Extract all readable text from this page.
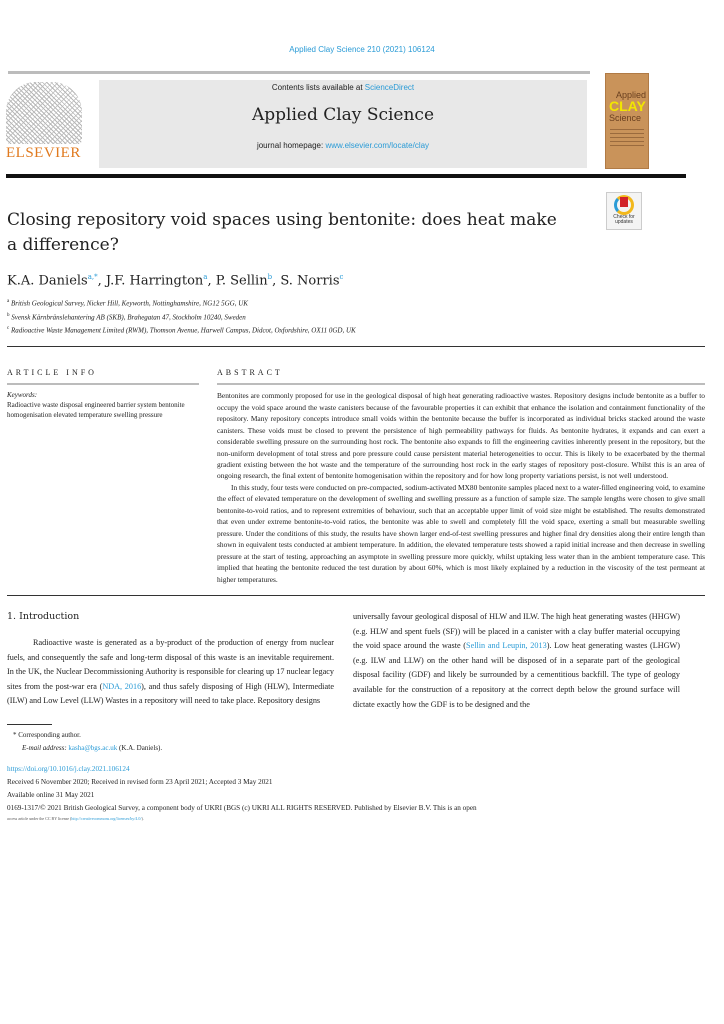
Applied Clay Science 210 (2021) 106124
ELSEVIER
Contents lists available at ScienceDirect
Applied Clay Science
journal homepage: www.elsevier.com/locate/clay
Applied
CLAY
Science
Closing repository void spaces using bentonite: does heat make a difference?
Check for
updates
K.A. Daniels$^{a,*}$, J.F. Harrington$^a$, P. Sellin$^b$, S. Norris$^c$
$^a$ British Geological Survey, Nicker Hill, Keyworth, Nottinghamshire, NG12 5GG, UK
$^b$ Svensk Kärnbränslehantering AB (SKB), Brahegatan 47, Stockholm 10240, Sweden
$^c$ Radioactive Waste Management Limited (RWM), Thomson Avenue, Harwell Campus, Didcot, Oxfordshire, OX11 0GD, UK
ARTICLE INFO
Keywords:
Radioactive waste disposal engineered barrier system bentonite homogenisation elevated temperature swelling pressure
ABSTRACT

Bentonites are commonly proposed for use in the geological disposal of high heat generating radioactive wastes. Repository designs include bentonite as a buffer to occupy the void space around the waste canisters because of the favourable properties it can exhibit that enhance the isolation and containment functionality of the repository. Many repository concepts introduce small voids within the bentonite because the buffer is incorporated as individual bricks stacked around the waste canisters. These voids must be closed to prevent the persistence of high permeability pathways for fluids. As bentonite hydrates, it expands and can exert a considerable swelling pressure on the surrounding host rock. The bentonite also expands to fill the engineering cavities inherently present in the repository, but the non-uniform development of total stress and pore pressure could cause persistent material heterogeneities to occur. This is likely to be exacerbated by the thermal gradient existing between the hot waste and the temperature of the surrounding host rock in the early stages of repository post-closure. Whilst this is an area of ongoing research, the final extent of bentonite homogenisation within the repository and for how long property variations persist, is not well understood.

In this study, four tests were conducted on pre-compacted, sodium-activated MX80 bentonite samples placed next to a water-filled engineering void, to examine the effect of elevated temperature on the development of swelling and swelling pressure as a function of sample size. The sample lengths were chosen to give small bentonite-to-void ratios, and to represent extremities of behaviour, such that an acceptable upper limit of void size might be established. The results demonstrated that even under extreme bentonite-to-void ratios, the bentonite was able to swell and completely fill the void space, exerting a small but measurable swelling pressure. Under the conditions of this study, the results have shown larger end-of-test swelling pressures and higher final dry densities along their entire length than shown in equivalent tests conducted at ambient temperature. In addition, the elevated temperature tests showed a rapid initial increase and then decrease in swelling pressure at the start of testing, approaching an asymptote in swelling pressure more quickly, whilst uptaking less water than in the ambient temperature case. This implied that heating the bentonite reduced the test duration by about 60%, which is most likely explained by a reduction in the viscosity of the test permeant at higher temperatures.

1. Introduction
Radioactive waste is generated as a by-product of the production of energy from nuclear fuels, and consequently the safe and long-term disposal of this waste is an inevitable requirement. In the UK, the Nuclear Decommissioning Authority is responsible for clearing up 17 nuclear legacy sites from the post-war era (NDA, 2016), and thus safely disposing of High (HLW), Intermediate (ILW) and Low Level (LLW) Wastes in a repository will need to take place. Repository designs
universally favour geological disposal of HLW and ILW. The high heat generating wastes (HHGW) (e.g. HLW and spent fuels (SF)) will be placed in a canister with a clay buffer material occupying the void space around the waste (Sellin and Leupin, 2013). Low heat generating wastes (LHGW) (e.g. ILW and LLW) on the other hand will be disposed of in a separate part of the geological disposal facility (GDF) and likely be surrounded by a cementitious backfill. The type of geology available for the construction of a repository at the correct depth below the ground surface will dictate exactly how the GDF is to be designed and the
* Corresponding author.
E-mail address: kasha@bgs.ac.uk (K.A. Daniels).
https://doi.org/10.1016/j.clay.2021.106124
Received 6 November 2020; Received in revised form 23 April 2021; Accepted 3 May 2021
Available online 31 May 2021
0169-1317/© 2021 British Geological Survey, a component body of UKRI (BGS (c) UKRI ALL RIGHTS RESERVED. Published by Elsevier B.V. This is an open
access article under the CC BY license (http://creativecommons.org/licenses/by/4.0/).
